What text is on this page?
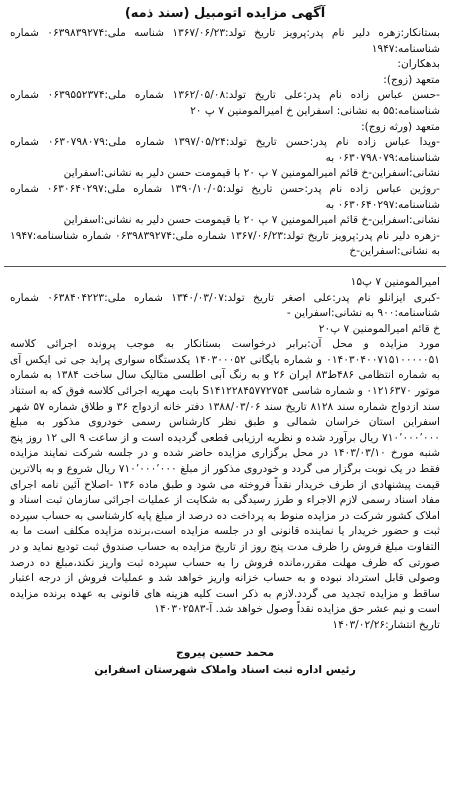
آگهی مزایده اتومبیل (سند ذمه)

بستانکار:زهره دلیر نام پدر:پرویز تاریخ تولد:۱۳۶۷/۰۶/۲۳ شناسه ملی:۰۶۳۹۸۳۹۲۷۴ شماره شناسنامه:۱۹۴۷

بدهکاران:

متعهد (زوج):

-حسن عباس زاده نام پدر:علی تاریخ تولد:۱۳۶۲/۰۵/۰۸ شماره ملی:۰۶۳۹۵۵۲۳۷۴ شماره شناسنامه:۵۵ به نشانی: اسفراین خ امیرالمومنین ۷ پ ۲۰

متعهد (ورثه زوج):

-ویدا عباس زاده نام پدر:حسن تاریخ تولد:۱۳۹۷/۰۵/۲۴ شماره ملی:۰۶۳۰۷۹۸۰۷۹ شماره شناسنامه:۰۶۳۰۷۹۸۰۷۹ به

نشانی:اسفراین-خ قائم امیرالمومنین ۷ پ ۲۰ با قیمومت حسن دلیر به نشانی:اسفراین

-روژین عباس زاده نام پدر:حسن تاریخ تولد:۱۳۹۰/۱۰/۰۵ شماره ملی:۰۶۳۰۶۴۰۲۹۷ شماره شناسنامه:۰۶۳۰۶۴۰۲۹۷ به

نشانی:اسفراین-خ قائم امیرالمومنین ۷ پ ۲۰ با قیمومت حسن دلیر به نشانی:اسفراین

-زهره دلیر نام پدر:پرویز تاریخ تولد:۱۳۶۷/۰۶/۲۳ شماره ملی:۰۶۳۹۸۳۹۲۷۴ شماره شناسنامه:۱۹۴۷ به نشانی:اسفراین-خ

امیرالمومنین ۷ پ۱۵

-کبری ایزانلو نام پدر:علی اصغر تاریخ تولد:۱۳۴۰/۰۳/۰۷ شماره ملی:۰۶۳۸۴۰۴۲۲۳ شماره شناسنامه:۹۰۰ به نشانی:اسفراین -

خ قائم امیرالمومنین ۷ پ۲۰

مورد مزایده و محل آن:برابر درخواست بستانکار به موجب پرونده اجرائی کلاسه ۰۱۴۰۳۰۴۰۰۷۱۵۱۰۰۰۰۰۵۱ و شماره بایگانی ۱۴۰۳۰۰۰۵۲ یکدستگاه سواری پراید جی تی ایکس آی به شماره انتظامی ۴۸۶ط۸۳ ایران ۲۶ و به رنگ آبی اطلسی متالیک سال ساخت ۱۳۸۴ به شماره موتور ۰۱۲۱۶۳۷۰ و شماره شاسی S۱۴۱۲۲۸۴۵۷۷۲۷۵۴ بابت مهریه اجرائی کلاسه فوق که به استناد سند ازدواج شماره سند ۸۱۲۸ تاریخ سند ۱۳۸۸/۰۳/۰۶ دفتر خانه ازدواج ۳۶ و طلاق شماره ۵۷ شهر اسفراین استان خراسان شمالی و طبق نظر کارشناس رسمی خودروی مذکور به مبلغ ۷۱۰٬۰۰۰٬۰۰۰ ریال برآورد شده و نظریه ارزیابی قطعی گردیده است و از ساعت ۹ الی ۱۲ روز پنج شنبه مورخ ۱۴۰۳/۰۳/۱۰ در محل برگزاری مزایده حاضر شده و در جلسه شرکت نمایند مزایده فقط در یک نوبت برگزار می گردد و خودروی مذکور از مبلغ ۷۱۰٬۰۰۰٬۰۰۰ ریال شروع و به بالاترین قیمت پیشنهادی از طرف خریدار نقداً فروخته می شود و طبق ماده ۱۳۶ -اصلاح آئین نامه اجرای مفاد اسناد رسمی لازم الاجراء و طرز رسیدگی به شکایت از عملیات اجرائی سازمان ثبت اسناد و املاک کشور شرکت در مزایده منوط به پرداخت ده درصد از مبلغ پایه کارشناسی به حساب سپرده ثبت و حضور خریدار یا نماینده قانونی او در جلسه مزایده است،برنده مزایده مکلف است ما به التفاوت مبلغ فروش را ظرف مدت پنج روز از تاریخ مزایده به حساب صندوق ثبت تودیع نماید و در صورتی که ظرف مهلت مقرر،مانده فروش را به حساب سپرده ثبت واریز نکند،مبلغ ده درصد وصولی قابل استرداد نبوده و به حساب خزانه واریز خواهد شد و عملیات فروش از درجه اعتبار ساقط و مزایده تجدید می گردد.لازم به ذکر است کلیه هزینه های قانونی به عهده برنده مزایده است و نیم عشر حق مزایده نقداً وصول خواهد شد. آ-۱۴۰۳۰۲۵۸۳

تاریخ انتشار:۱۴۰۳/۰۲/۲۶

محمد حسین پیروج
رئیس اداره ثبت اسناد واملاک شهرستان اسفراین
